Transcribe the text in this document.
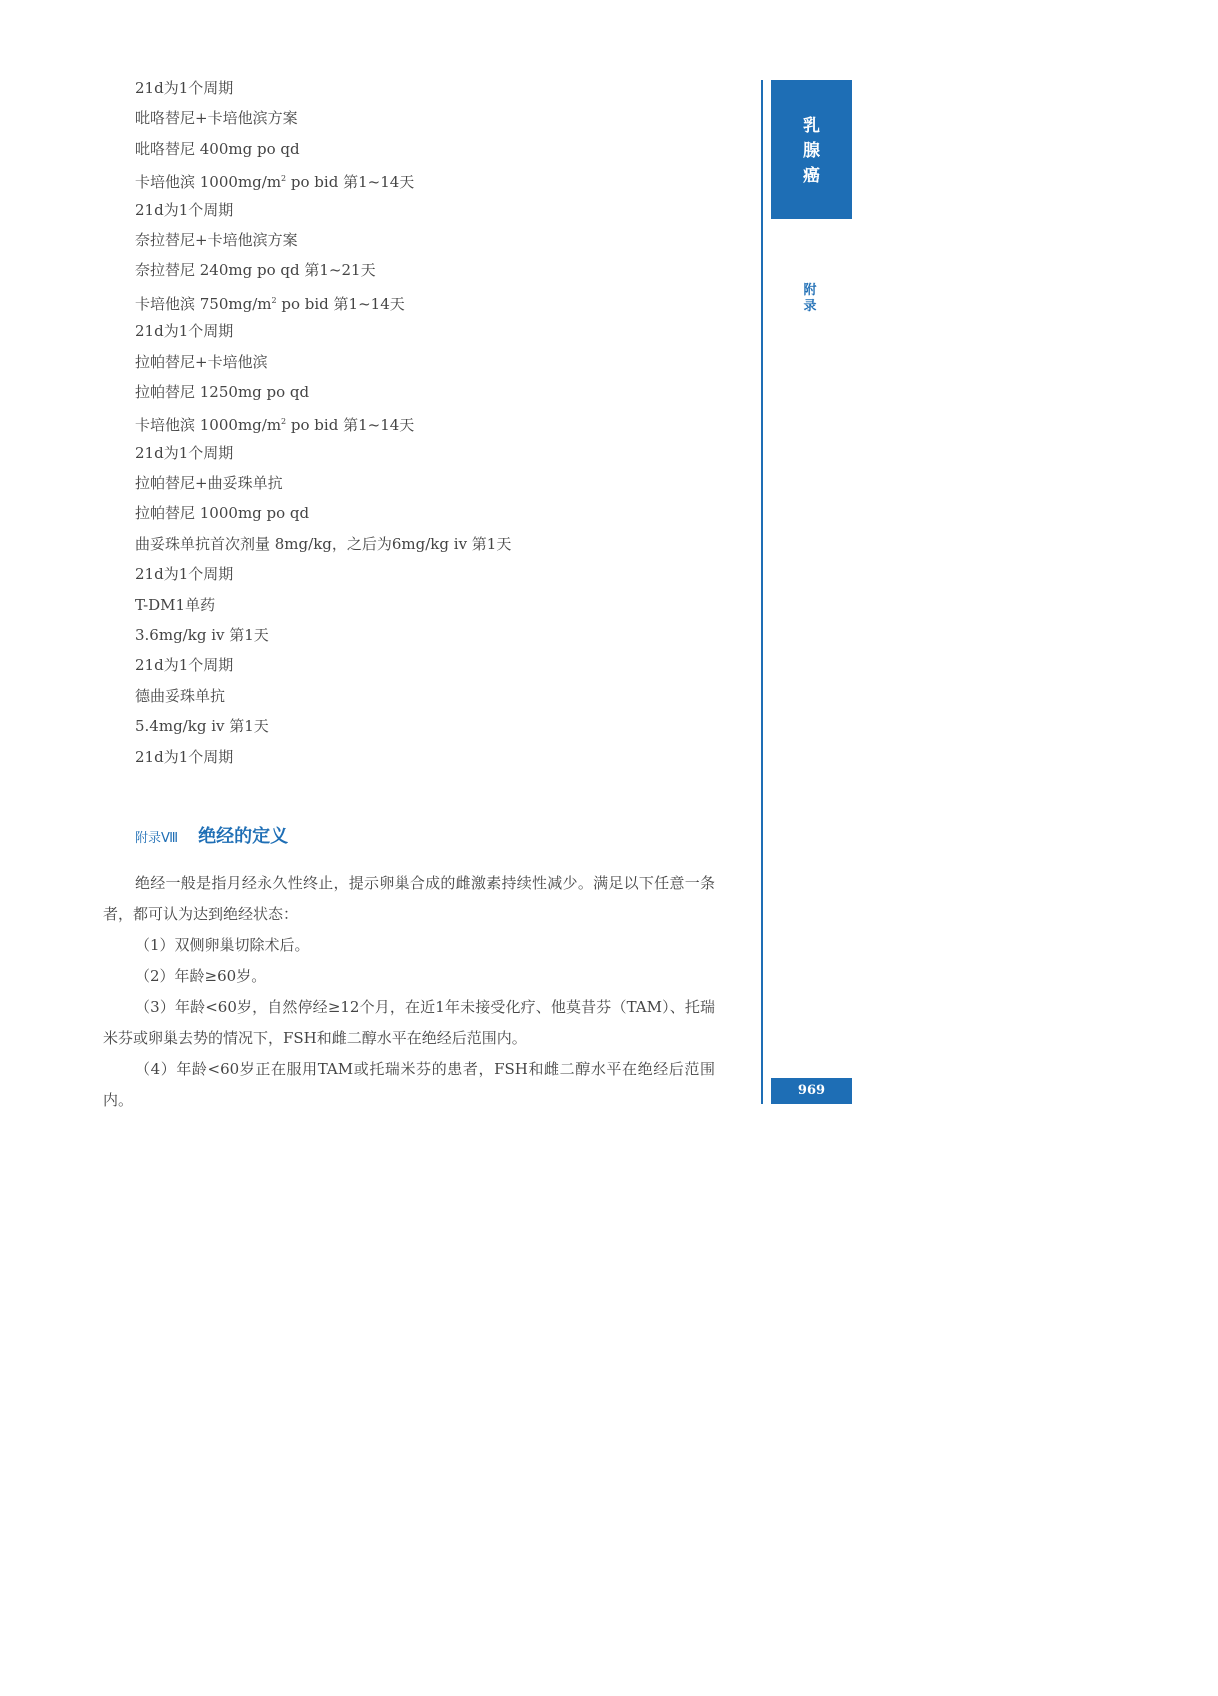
21d为1个周期
吡咯替尼+卡培他滨方案
吡咯替尼 400mg po qd
卡培他滨 $1000mg/m^2$ po bid 第1~14天
21d为1个周期
奈拉替尼+卡培他滨方案
奈拉替尼 240mg po qd 第1~21天
卡培他滨 $750mg/m^2$ po bid 第1~14天
21d为1个周期
拉帕替尼+卡培他滨
拉帕替尼 1250mg po qd
卡培他滨 $1000mg/m^2$ po bid 第1~14天
21d为1个周期
拉帕替尼+曲妥珠单抗
拉帕替尼 1000mg po qd
曲妥珠单抗首次剂量 8mg/kg，之后为6mg/kg iv 第1天
21d为1个周期
T-DM1单药
3.6mg/kg iv 第1天
21d为1个周期
德曲妥珠单抗
5.4mg/kg iv 第1天
21d为1个周期
附录Ⅷ 绝经的定义

绝经一般是指月经永久性终止，提示卵巢合成的雌激素持续性减少。满足以下任意一条者，都可认为达到绝经状态：

（1）双侧卵巢切除术后。

（2）年龄≥60岁。

（3）年龄<60岁，自然停经≥12个月，在近1年未接受化疗、他莫昔芬（TAM）、托瑞米芬或卵巢去势的情况下，FSH和雌二醇水平在绝经后范围内。

（4）年龄<60岁正在服用TAM或托瑞米芬的患者，FSH和雌二醇水平在绝经后范围内。

乳
腺
癌
附
录
969
